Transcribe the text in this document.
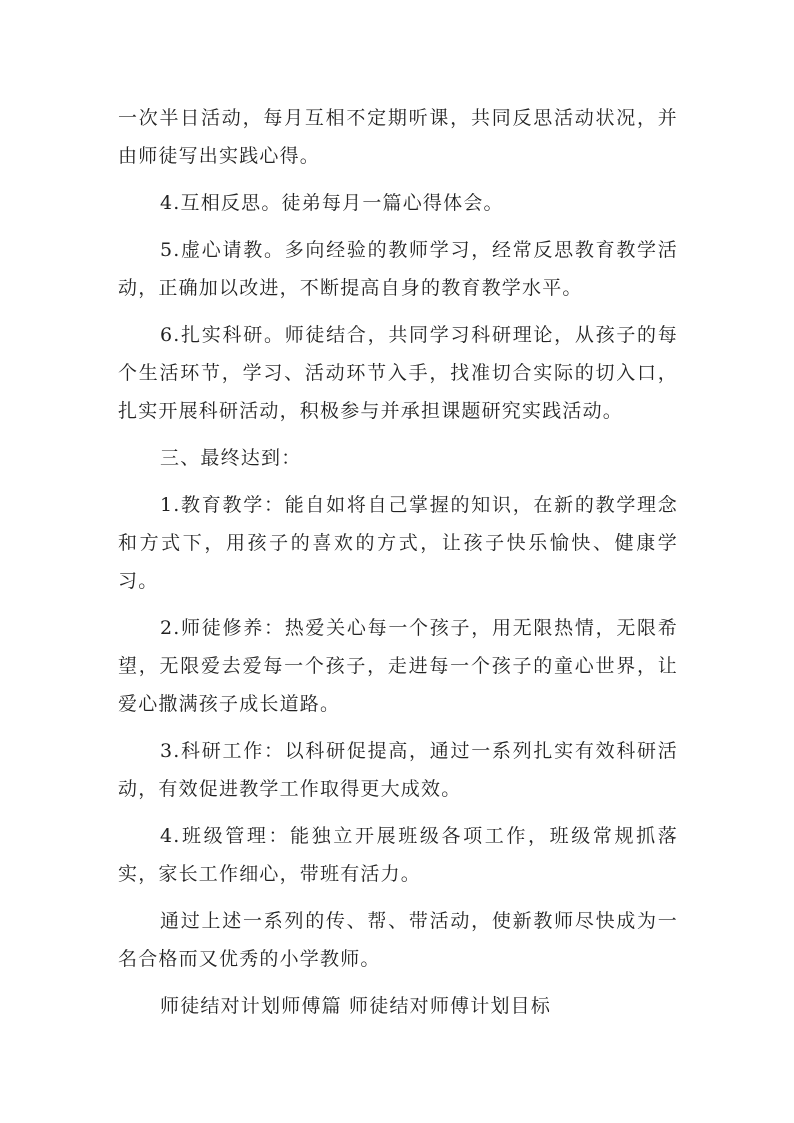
一次半日活动，每月互相不定期听课，共同反思活动状况，并由师徒写出实践心得。

4.互相反思。徒弟每月一篇心得体会。

5.虚心请教。多向经验的教师学习，经常反思教育教学活动，正确加以改进，不断提高自身的教育教学水平。

6.扎实科研。师徒结合，共同学习科研理论，从孩子的每个生活环节，学习、活动环节入手，找准切合实际的切入口，扎实开展科研活动，积极参与并承担课题研究实践活动。

三、最终达到：

1.教育教学：能自如将自己掌握的知识，在新的教学理念和方式下，用孩子的喜欢的方式，让孩子快乐愉快、健康学习。

2.师徒修养：热爱关心每一个孩子，用无限热情，无限希望，无限爱去爱每一个孩子，走进每一个孩子的童心世界，让爱心撒满孩子成长道路。

3.科研工作：以科研促提高，通过一系列扎实有效科研活动，有效促进教学工作取得更大成效。

4.班级管理：能独立开展班级各项工作，班级常规抓落实，家长工作细心，带班有活力。

通过上述一系列的传、帮、带活动，使新教师尽快成为一名合格而又优秀的小学教师。

师徒结对计划师傅篇 师徒结对师傅计划目标
